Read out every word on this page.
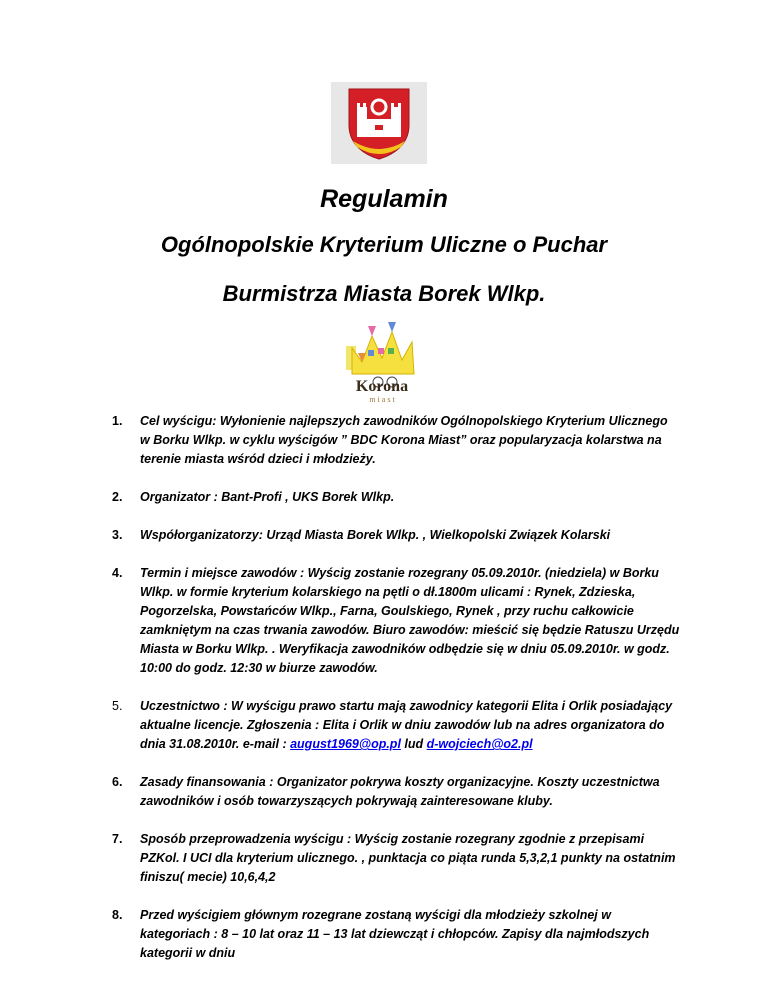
Regulamin
Ogólnopolskie Kryterium Uliczne o Puchar
Burmistrza Miasta Borek Wlkp.
Korona
m i a s t
1. Cel wyścigu: Wyłonienie najlepszych zawodników Ogólnopolskiego Kryterium Ulicznego w Borku Wlkp. w cyklu wyścigów ” BDC Korona Miast” oraz popularyzacja kolarstwa na terenie miasta wśród dzieci i młodzieży.
2. Organizator : Bant-Profi , UKS Borek Wlkp.
3. Współorganizatorzy: Urząd Miasta Borek Wlkp. , Wielkopolski Związek Kolarski
4. Termin i miejsce zawodów : Wyścig zostanie rozegrany 05.09.2010r. (niedziela) w Borku Wlkp. w formie kryterium kolarskiego na pętli o dł.1800m ulicami : Rynek, Zdzieska, Pogorzelska, Powstańców Wlkp., Farna, Goulskiego, Rynek , przy ruchu całkowicie zamkniętym na czas trwania zawodów. Biuro zawodów: mieścić się będzie Ratuszu Urzędu Miasta w Borku Wlkp. . Weryfikacja zawodników odbędzie się w dniu 05.09.2010r. w godz. 10:00 do godz. 12:30 w biurze zawodów.
5. Uczestnictwo : W wyścigu prawo startu mają zawodnicy kategorii Elita i Orlik posiadający aktualne licencje. Zgłoszenia : Elita i Orlik w dniu zawodów lub na adres organizatora do dnia 31.08.2010r. e-mail : august1969@op.pl lud d-wojciech@o2.pl
6. Zasady finansowania : Organizator pokrywa koszty organizacyjne. Koszty uczestnictwa zawodników i osób towarzyszących pokrywają zainteresowane kluby.
7. Sposób przeprowadzenia wyścigu : Wyścig zostanie rozegrany zgodnie z przepisami PZKol. I UCI dla kryterium ulicznego. , punktacja co piąta runda 5,3,2,1 punkty na ostatnim finiszu( mecie) 10,6,4,2
8. Przed wyścigiem głównym rozegrane zostaną wyścigi dla młodzieży szkolnej w kategoriach : 8 – 10 lat oraz 11 – 13 lat dziewcząt i chłopców. Zapisy dla najmłodszych kategorii w dniu
